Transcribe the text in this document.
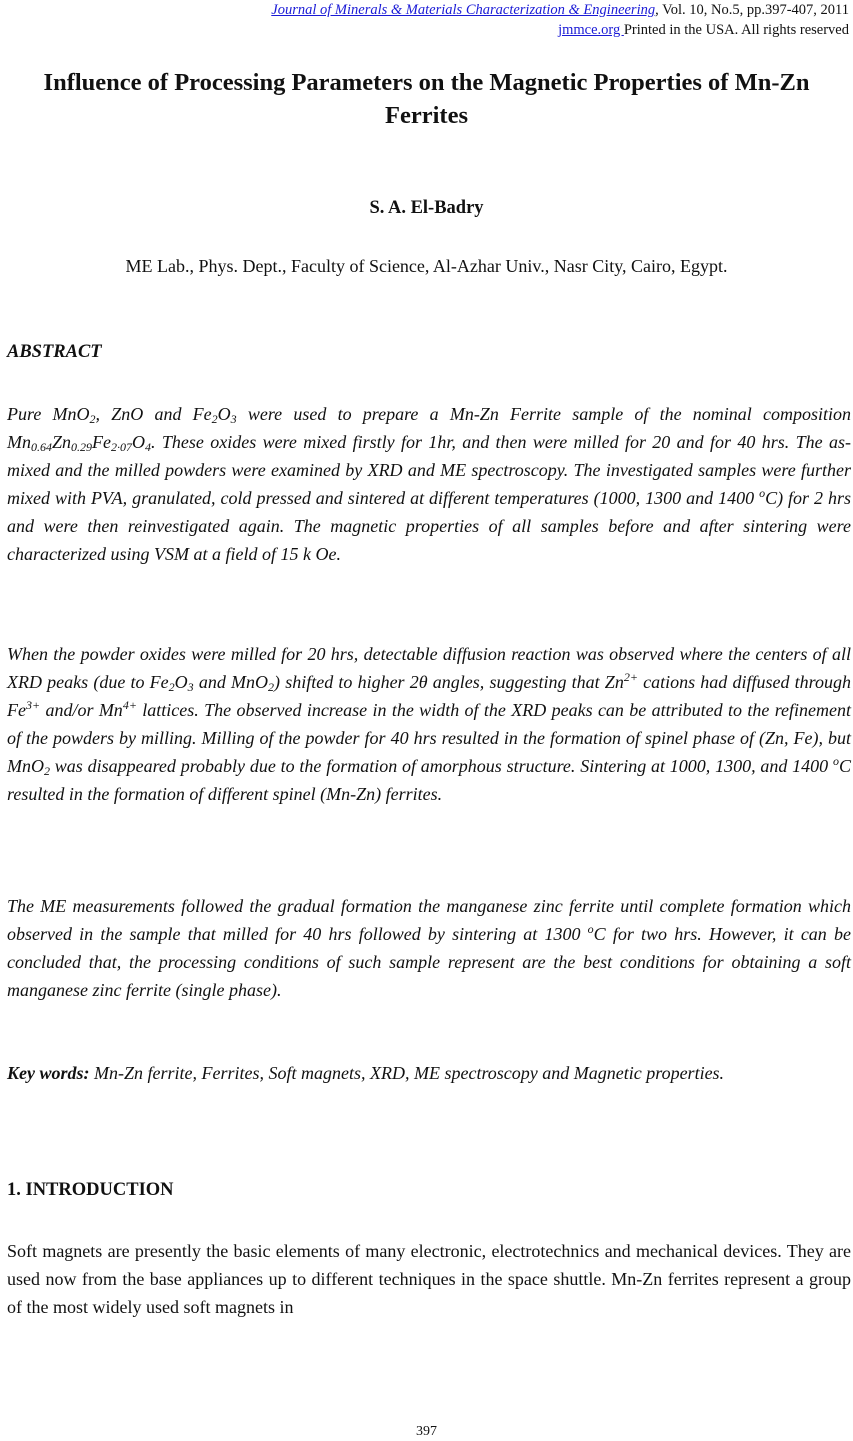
Journal of Minerals & Materials Characterization & Engineering, Vol. 10, No.5, pp.397-407, 2011
jmmce.org Printed in the USA. All rights reserved
Influence of Processing Parameters on the Magnetic Properties of Mn-Zn Ferrites
S. A. El-Badry
ME Lab., Phys. Dept., Faculty of Science, Al-Azhar Univ., Nasr City, Cairo, Egypt.
ABSTRACT
Pure MnO$_2$, ZnO and $Fe_2O_3$ were used to prepare a Mn-Zn Ferrite sample of the nominal composition $Mn_{0.64}Zn_{0.29}Fe_{2\cdot 07}O_4$. These oxides were mixed firstly for 1hr, and then were milled for 20 and for 40 hrs. The as-mixed and the milled powders were examined by XRD and ME spectroscopy. The investigated samples were further mixed with PVA, granulated, cold pressed and sintered at different temperatures (1000, 1300 and 1400 $^o$C) for 2 hrs and were then reinvestigated again. The magnetic properties of all samples before and after sintering were characterized using VSM at a field of 15 k Oe.
When the powder oxides were milled for 20 hrs, detectable diffusion reaction was observed where the centers of all XRD peaks (due to $Fe_2O_3$ and MnO$_2$) shifted to higher 2θ angles, suggesting that $Zn^{2+}$ cations had diffused through $Fe^{3+}$ and/or $Mn^{4+}$ lattices. The observed increase in the width of the XRD peaks can be attributed to the refinement of the powders by milling. Milling of the powder for 40 hrs resulted in the formation of spinel phase of (Zn, Fe), but MnO$_2$ was disappeared probably due to the formation of amorphous structure. Sintering at 1000, 1300, and 1400 $^o$C resulted in the formation of different spinel (Mn-Zn) ferrites.
The ME measurements followed the gradual formation the manganese zinc ferrite until complete formation which observed in the sample that milled for 40 hrs followed by sintering at 1300 $^o$C for two hrs. However, it can be concluded that, the processing conditions of such sample represent are the best conditions for obtaining a soft manganese zinc ferrite (single phase).
Key words: Mn-Zn ferrite, Ferrites, Soft magnets, XRD, ME spectroscopy and Magnetic properties.
1. INTRODUCTION
Soft magnets are presently the basic elements of many electronic, electrotechnics and mechanical devices. They are used now from the base appliances up to different techniques in the space shuttle. Mn-Zn ferrites represent a group of the most widely used soft magnets in
397
